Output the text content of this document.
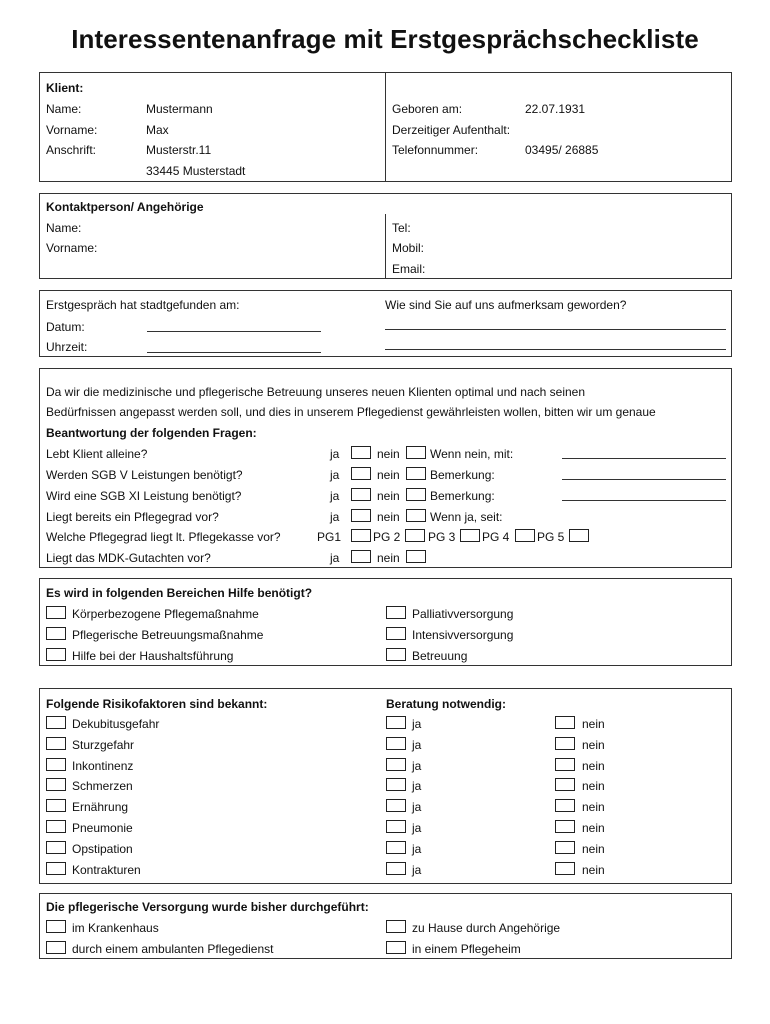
Interessentenanfrage mit Erstgesprächscheckliste
Klient:
Name:	Mustermann
Vorname:	Max
Anschrift:	Musterstr.11
33445 Musterstadt
Geboren am:	22.07.1931
Derzeitiger Aufenthalt:
Telefonnummer:	03495/ 26885
Kontaktperson/ Angehörige
Name:
Vorname:
Tel:
Mobil:
Email:
Erstgespräch hat stadtgefunden am:
Datum:
Uhrzeit:
Wie sind Sie auf uns aufmerksam geworden?
Da wir die medizinische und pflegerische Betreuung unseres neuen Klienten optimal und nach seinen
Bedürfnissen angepasst werden soll, und dies in unserem Pflegedienst gewährleisten wollen, bitten wir um genaue
Beantwortung der folgenden Fragen:
Lebt Klient alleine?	ja	nein	Wenn nein, mit:
Werden SGB V Leistungen benötigt?	ja	nein	Bemerkung:
Wird eine SGB XI Leistung benötigt?	ja	nein	Bemerkung:
Liegt bereits ein Pflegegrad vor?	ja	nein	Wenn ja, seit:
Welche Pflegegrad liegt lt. Pflegekasse vor?	PG1	PG 2 PG 3 PG 4 PG 5
Liegt das MDK-Gutachten vor?	ja	nein
Es wird in folgenden Bereichen Hilfe benötigt?
Körperbezogene Pflegemaßnahme
Pflegerische Betreuungsmaßnahme
Hilfe bei der Haushaltsführung
Palliativversorgung
Intensivversorgung
Betreuung
Folgende Risikofaktoren sind bekannt:	Beratung notwendig:
Dekubitusgefahr	ja	nein
Sturzgefahr	ja	nein
Inkontinenz	ja	nein
Schmerzen	ja	nein
Ernährung	ja	nein
Pneumonie	ja	nein
Opstipation	ja	nein
Kontrakturen	ja	nein
Die pflegerische Versorgung wurde bisher durchgeführt:
im Krankenhaus
durch einem ambulanten Pflegedienst
zu Hause durch Angehörige
in einem Pflegeheim
